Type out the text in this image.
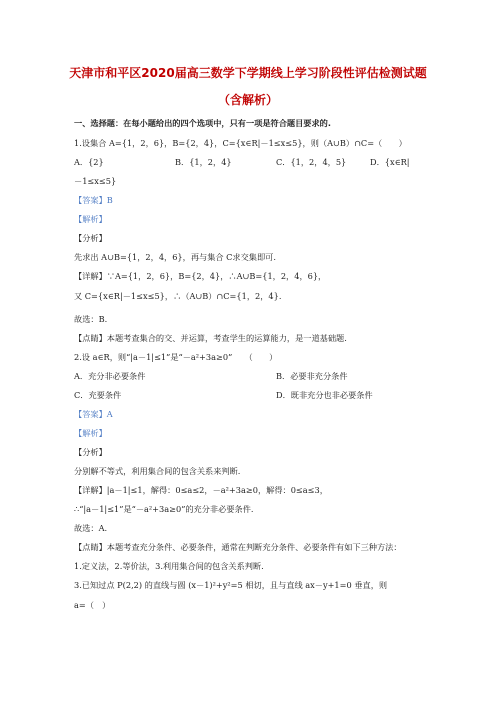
天津市和平区2020届高三数学下学期线上学习阶段性评估检测试题
（含解析）
一、选择题：在每小题给出的四个选项中，只有一项是符合题目要求的.
1.设集合 A={1，2，6}，B={2，4}，C={x∈R|－1≤x≤5}，则（A∪B）∩C=（　　）
A．{2}	B．{1，2，4}	C．{1，2，4，5}	D．{x∈R|
－1≤x≤5}
【答案】B
【解析】
【分析】
先求出 A∪B={1，2，4，6}，再与集合 C求交集即可.
【详解】∵A={1，2，6}，B={2，4}，∴A∪B={1，2，4，6}，
又 C={x∈R|－1≤x≤5}，∴（A∪B）∩C={1，2，4}.
故选：B.
【点睛】本题考查集合的交、并运算，考查学生的运算能力，是一道基础题.
2.设 a∈R，则“|a－1|≤1”是“－a²+3a≥0”　　（　　）
A．充分非必要条件	B．必要非充分条件
C．充要条件	D．既非充分也非必要条件
【答案】A
【解析】
【分析】
分别解不等式，利用集合间的包含关系来判断.
【详解】|a－1|≤1，解得：0≤a≤2，－a²+3a≥0，解得：0≤a≤3，
∴“|a－1|≤1”是“－a²+3a≥0”的充分非必要条件.
故选：A.
【点睛】本题考查充分条件、必要条件，通常在判断充分条件、必要条件有如下三种方法：
1.定义法，2.等价法，3.利用集合间的包含关系判断.
3.已知过点 P(2,2) 的直线与圆 (x－1)²+y²=5 相切，且与直线 ax－y+1=0 垂直，则
a=（　）
